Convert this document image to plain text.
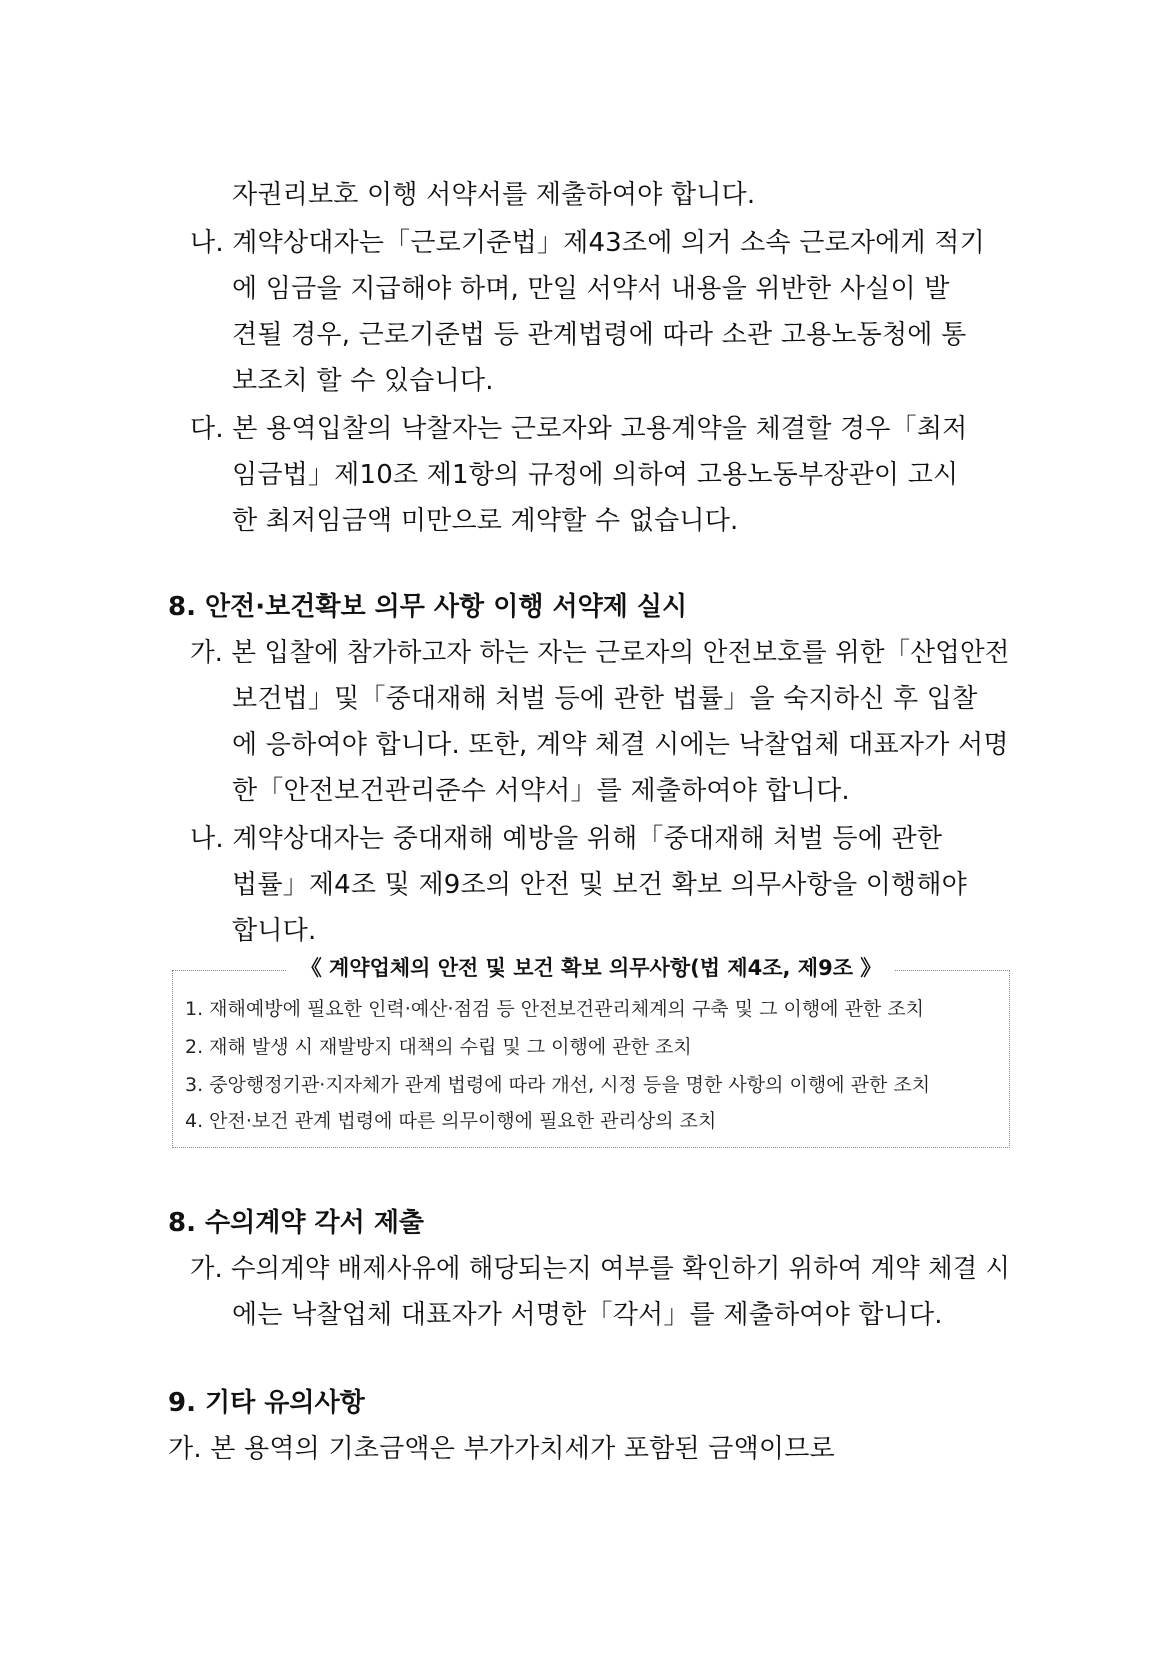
자권리보호 이행 서약서를 제출하여야 합니다.
나. 계약상대자는「근로기준법」제43조에 의거 소속 근로자에게 적기
에 임금을 지급해야 하며, 만일 서약서 내용을 위반한 사실이 발
견될 경우, 근로기준법 등 관계법령에 따라 소관 고용노동청에 통
보조치 할 수 있습니다.
다. 본 용역입찰의 낙찰자는 근로자와 고용계약을 체결할 경우「최저
임금법」제10조 제1항의 규정에 의하여 고용노동부장관이 고시
한 최저임금액 미만으로 계약할 수 없습니다.
8. 안전·보건확보 의무 사항 이행 서약제 실시
가. 본 입찰에 참가하고자 하는 자는 근로자의 안전보호를 위한「산업안전
보건법」및「중대재해 처벌 등에 관한 법률」을 숙지하신 후 입찰
에 응하여야 합니다. 또한, 계약 체결 시에는 낙찰업체 대표자가 서명
한「안전보건관리준수 서약서」를 제출하여야 합니다.
나. 계약상대자는 중대재해 예방을 위해「중대재해 처벌 등에 관한
법률」제4조 및 제9조의 안전 및 보건 확보 의무사항을 이행해야
합니다.
《 계약업체의 안전 및 보건 확보 의무사항(법 제4조, 제9조 》
1. 재해예방에 필요한 인력·예산·점검 등 안전보건관리체계의 구축 및 그 이행에 관한 조치
2. 재해 발생 시 재발방지 대책의 수립 및 그 이행에 관한 조치
3. 중앙행정기관·지자체가 관계 법령에 따라 개선, 시정 등을 명한 사항의 이행에 관한 조치
4. 안전·보건 관계 법령에 따른 의무이행에 필요한 관리상의 조치
8. 수의계약 각서 제출
가. 수의계약 배제사유에 해당되는지 여부를 확인하기 위하여 계약 체결 시
에는 낙찰업체 대표자가 서명한「각서」를 제출하여야 합니다.
9. 기타 유의사항
가. 본 용역의 기초금액은 부가가치세가 포함된 금액이므로
